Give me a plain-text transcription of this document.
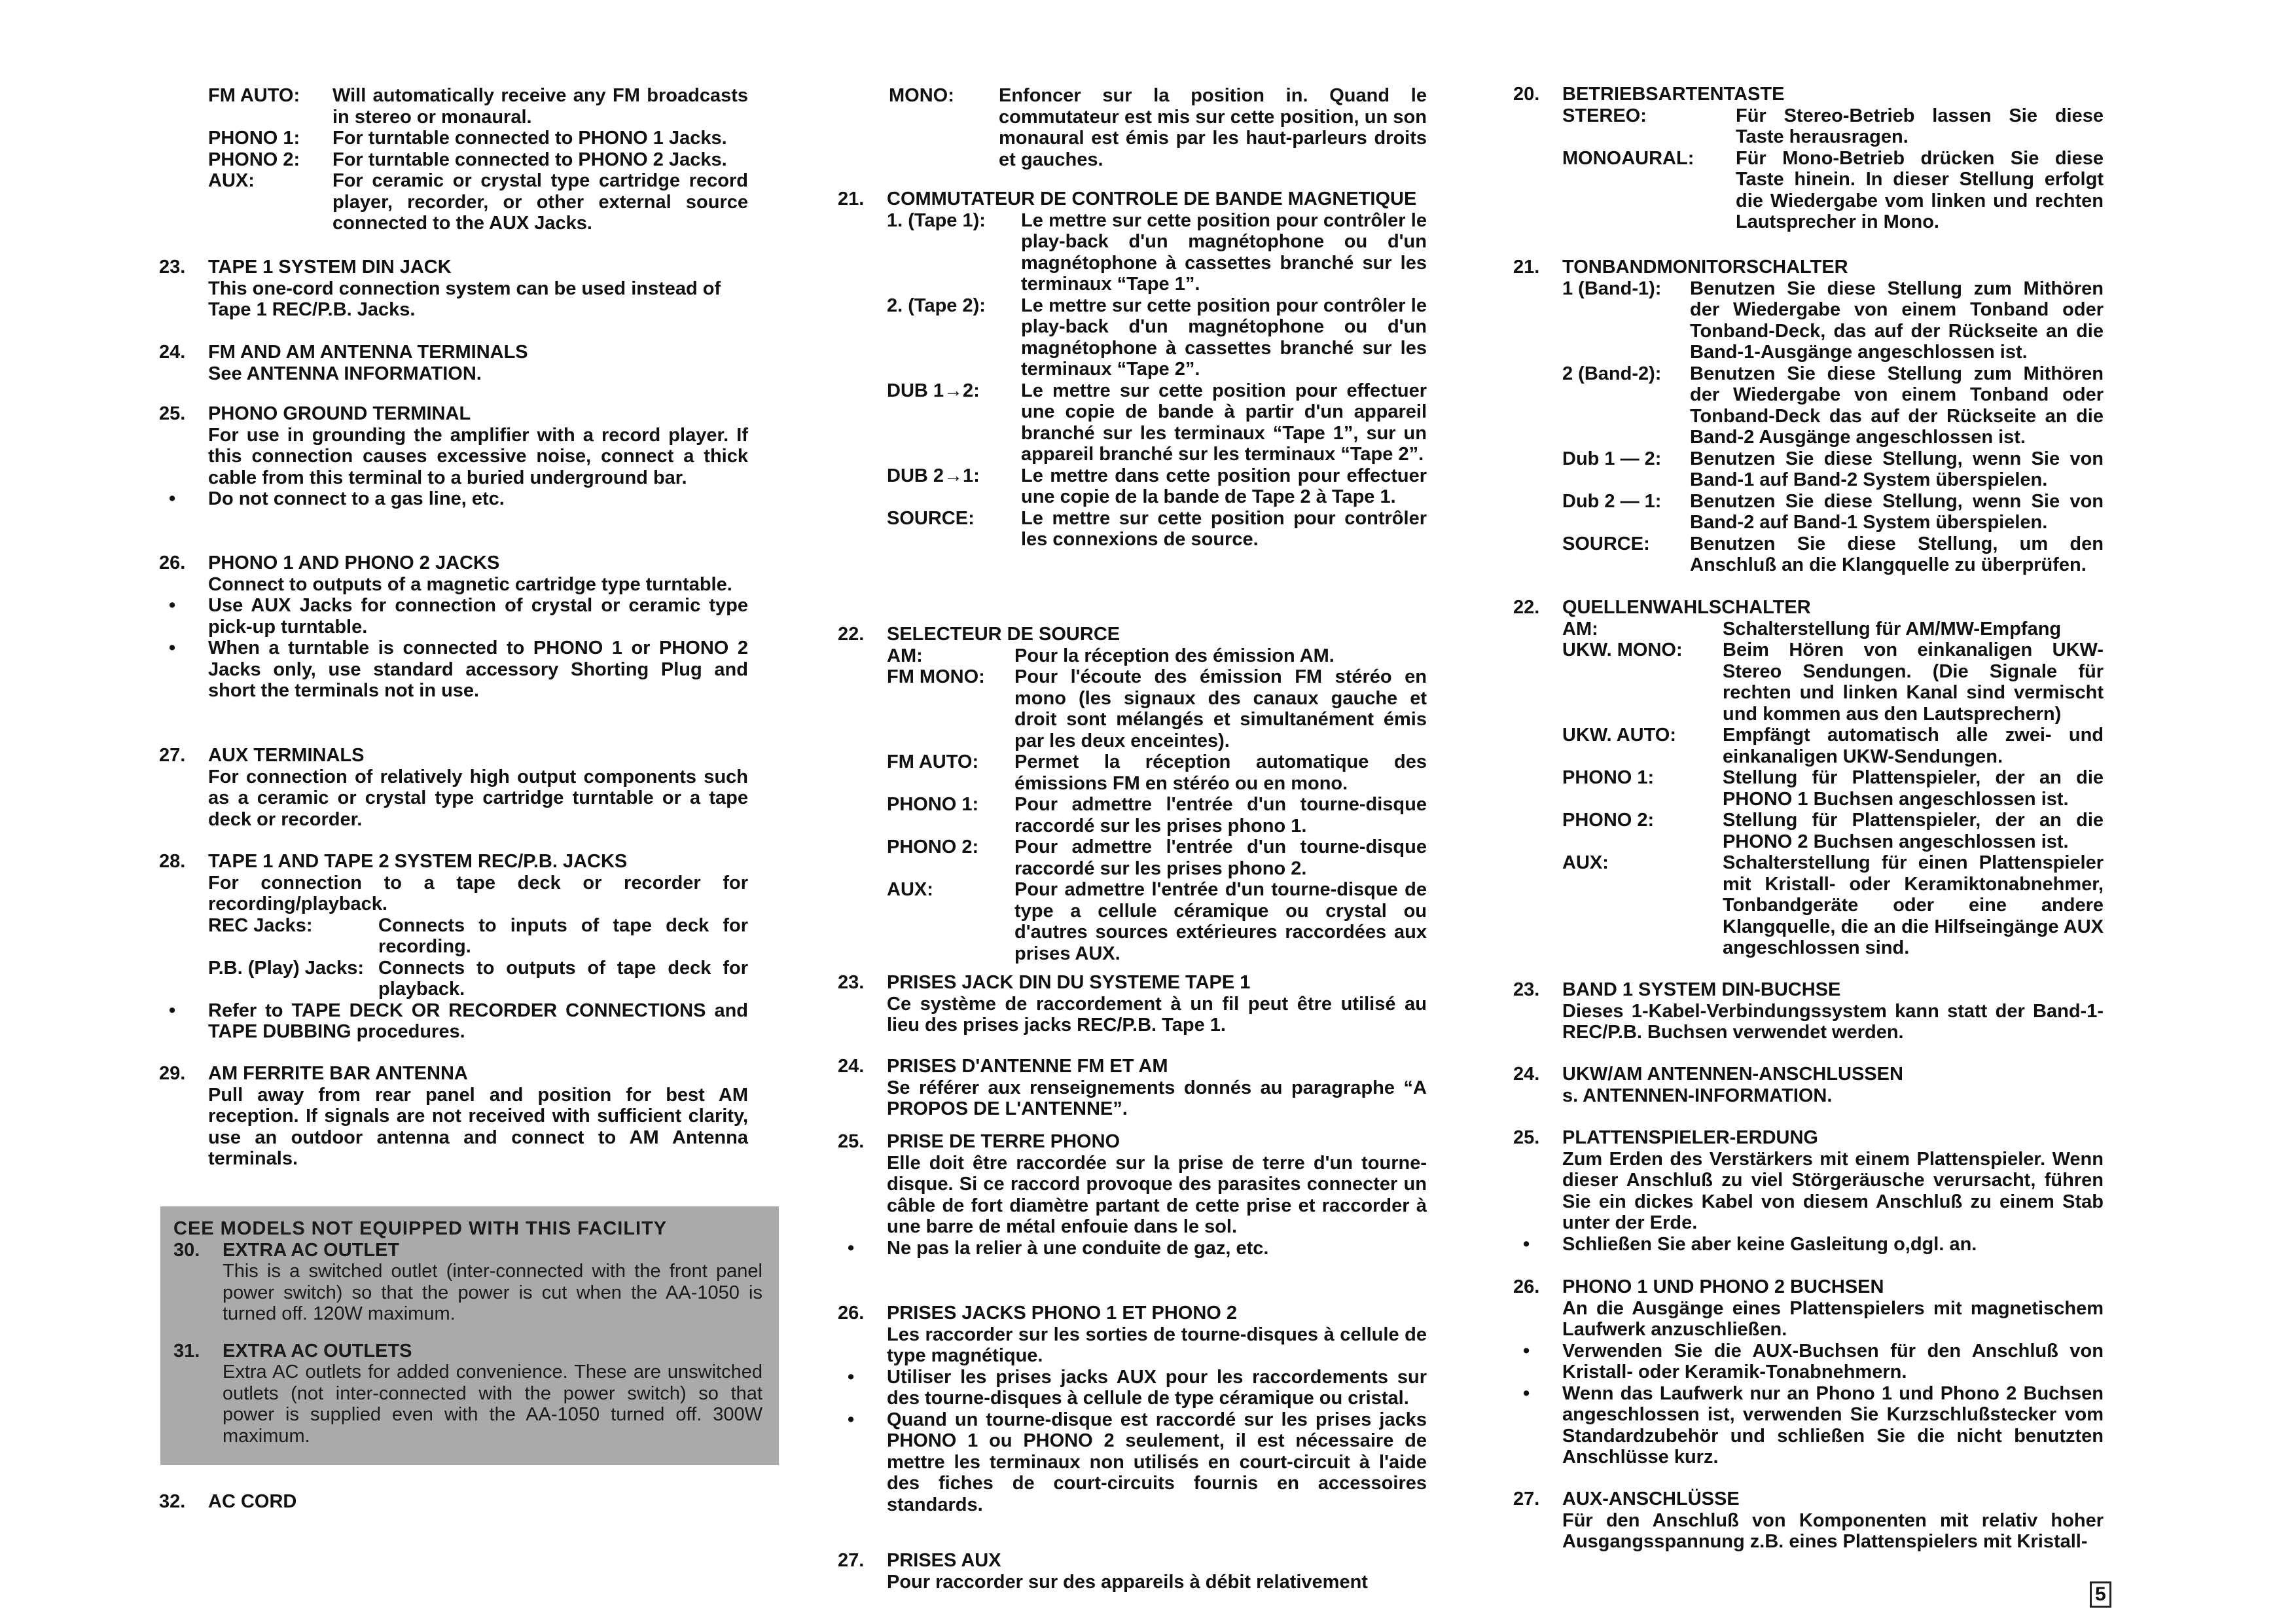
FM AUTO:	Will automatically receive any FM broadcasts in stereo or monaural.
PHONO 1:	For turntable connected to PHONO 1 Jacks.
PHONO 2:	For turntable connected to PHONO 2 Jacks.
AUX:	For ceramic or crystal type cartridge record player, recorder, or other external source connected to the AUX Jacks.
23.	TAPE 1 SYSTEM DIN JACK

This one-cord connection system can be used instead of Tape 1 REC/P.B. Jacks.

24.	FM AND AM ANTENNA TERMINALS

See ANTENNA INFORMATION.

25.	PHONO GROUND TERMINAL

For use in grounding the amplifier with a record player. If this connection causes excessive noise, connect a thick cable from this terminal to a buried underground bar.

• Do not connect to a gas line, etc.

26.	PHONO 1 AND PHONO 2 JACKS

Connect to outputs of a magnetic cartridge type turntable.

• Use AUX Jacks for connection of crystal or ceramic type pick-up turntable.

• When a turntable is connected to PHONO 1 or PHONO 2 Jacks only, use standard accessory Shorting Plug and short the terminals not in use.

27.	AUX TERMINALS

For connection of relatively high output components such as a ceramic or crystal type cartridge turntable or a tape deck or recorder.

28.	TAPE 1 AND TAPE 2 SYSTEM REC/P.B. JACKS

For connection to a tape deck or recorder for recording/playback.

REC Jacks:	Connects to inputs of tape deck for recording.
P.B. (Play) Jacks: Connects to outputs of tape deck for playback.

• Refer to TAPE DECK OR RECORDER CONNECTIONS and TAPE DUBBING procedures.

29.	AM FERRITE BAR ANTENNA

Pull away from rear panel and position for best AM reception. If signals are not received with sufficient clarity, use an outdoor antenna and connect to AM Antenna terminals.

CEE MODELS NOT EQUIPPED WITH THIS FACILITY

30.	EXTRA AC OUTLET

This is a switched outlet (inter-connected with the front panel power switch) so that the power is cut when the AA-1050 is turned off. 120W maximum.

31.	EXTRA AC OUTLETS

Extra AC outlets for added convenience. These are unswitched outlets (not inter-connected with the power switch) so that power is supplied even with the AA-1050 turned off. 300W maximum.

32.	AC CORD
MONO:	Enfoncer sur la position in. Quand le commutateur est mis sur cette position, un son monaural est émis par les haut-parleurs droits et gauches.
21.	COMMUTATEUR DE CONTROLE DE BANDE MAGNETIQUE
1. (Tape 1):	Le mettre sur cette position pour contrôler le play-back d'un magnétophone ou d'un magnétophone à cassettes branché sur les terminaux “Tape 1”.
2. (Tape 2):	Le mettre sur cette position pour contrôler le play-back d'un magnétophone ou d'un magnétophone à cassettes branché sur les terminaux “Tape 2”.
DUB 1→2:	Le mettre sur cette position pour effectuer une copie de bande à partir d'un appareil branché sur les terminaux “Tape 1”, sur un appareil branché sur les terminaux “Tape 2”.
DUB 2→1:	Le mettre dans cette position pour effectuer une copie de la bande de Tape 2 à Tape 1.
SOURCE:	Le mettre sur cette position pour contrôler les connexions de source.
22.	SELECTEUR DE SOURCE
AM:	Pour la réception des émission AM.
FM MONO:	Pour l'écoute des émission FM stéréo en mono (les signaux des canaux gauche et droit sont mélangés et simultanément émis par les deux enceintes).
FM AUTO:	Permet la réception automatique des émissions FM en stéréo ou en mono.
PHONO 1:	Pour admettre l'entrée d'un tourne-disque raccordé sur les prises phono 1.
PHONO 2:	Pour admettre l'entrée d'un tourne-disque raccordé sur les prises phono 2.
AUX:	Pour admettre l'entrée d'un tourne-disque de type a cellule céramique ou crystal ou d'autres sources extérieures raccordées aux prises AUX.
23.	PRISES JACK DIN DU SYSTEME TAPE 1

Ce système de raccordement à un fil peut être utilisé au lieu des prises jacks REC/P.B. Tape 1.

24.	PRISES D'ANTENNE FM ET AM

Se référer aux renseignements donnés au paragraphe “A PROPOS DE L'ANTENNE”.

25.	PRISE DE TERRE PHONO

Elle doit être raccordée sur la prise de terre d'un tourne-disque. Si ce raccord provoque des parasites connecter un câble de fort diamètre partant de cette prise et raccorder à une barre de métal enfouie dans le sol.

• Ne pas la relier à une conduite de gaz, etc.

26.	PRISES JACKS PHONO 1 ET PHONO 2

Les raccorder sur les sorties de tourne-disques à cellule de type magnétique.

• Utiliser les prises jacks AUX pour les raccordements sur des tourne-disques à cellule de type céramique ou cristal.

• Quand un tourne-disque est raccordé sur les prises jacks PHONO 1 ou PHONO 2 seulement, il est nécessaire de mettre les terminaux non utilisés en court-circuit à l'aide des fiches de court-circuits fournis en accessoires standards.

27.	PRISES AUX

Pour raccorder sur des appareils à débit relativement

20.	BETRIEBSARTENTASTE
STEREO:	Für Stereo-Betrieb lassen Sie diese Taste herausragen.
MONOAURAL:	Für Mono-Betrieb drücken Sie diese Taste hinein. In dieser Stellung erfolgt die Wiedergabe vom linken und rechten Lautsprecher in Mono.
21.	TONBANDMONITORSCHALTER
1 (Band-1):	Benutzen Sie diese Stellung zum Mithören der Wiedergabe von einem Tonband oder Tonband-Deck, das auf der Rückseite an die Band-1-Ausgänge angeschlossen ist.
2 (Band-2):	Benutzen Sie diese Stellung zum Mithören der Wiedergabe von einem Tonband oder Tonband-Deck das auf der Rückseite an die Band-2 Ausgänge angeschlossen ist.
Dub 1 — 2:	Benutzen Sie diese Stellung, wenn Sie von Band-1 auf Band-2 System überspielen.
Dub 2 — 1:	Benutzen Sie diese Stellung, wenn Sie von Band-2 auf Band-1 System überspielen.
SOURCE:	Benutzen Sie diese Stellung, um den Anschluß an die Klangquelle zu überprüfen.
22.	QUELLENWAHLSCHALTER
AM:	Schalterstellung für AM/MW-Empfang
UKW. MONO:	Beim Hören von einkanaligen UKW-Stereo Sendungen. (Die Signale für rechten und linken Kanal sind vermischt und kommen aus den Lautsprechern)
UKW. AUTO:	Empfängt automatisch alle zwei- und einkanaligen UKW-Sendungen.
PHONO 1:	Stellung für Plattenspieler, der an die PHONO 1 Buchsen angeschlossen ist.
PHONO 2:	Stellung für Plattenspieler, der an die PHONO 2 Buchsen angeschlossen ist.
AUX:	Schalterstellung für einen Plattenspieler mit Kristall- oder Keramiktonabnehmer, Tonbandgeräte oder eine andere Klangquelle, die an die Hilfseingänge AUX angeschlossen sind.
23.	BAND 1 SYSTEM DIN-BUCHSE

Dieses 1-Kabel-Verbindungssystem kann statt der Band-1-REC/P.B. Buchsen verwendet werden.

24.	UKW/AM ANTENNEN-ANSCHLUSSEN

s. ANTENNEN-INFORMATION.

25.	PLATTENSPIELER-ERDUNG

Zum Erden des Verstärkers mit einem Plattenspieler. Wenn dieser Anschluß zu viel Störgeräusche verursacht, führen Sie ein dickes Kabel von diesem Anschluß zu einem Stab unter der Erde.

• Schließen Sie aber keine Gasleitung o,dgl. an.

26.	PHONO 1 UND PHONO 2 BUCHSEN

An die Ausgänge eines Plattenspielers mit magnetischem Laufwerk anzuschließen.

• Verwenden Sie die AUX-Buchsen für den Anschluß von Kristall- oder Keramik-Tonabnehmern.

• Wenn das Laufwerk nur an Phono 1 und Phono 2 Buchsen angeschlossen ist, verwenden Sie Kurzschlußstecker vom Standardzubehör und schließen Sie die nicht benutzten Anschlüsse kurz.

27.	AUX-ANSCHLÜSSE

Für den Anschluß von Komponenten mit relativ hoher Ausgangsspannung z.B. eines Plattenspielers mit Kristall-

5
